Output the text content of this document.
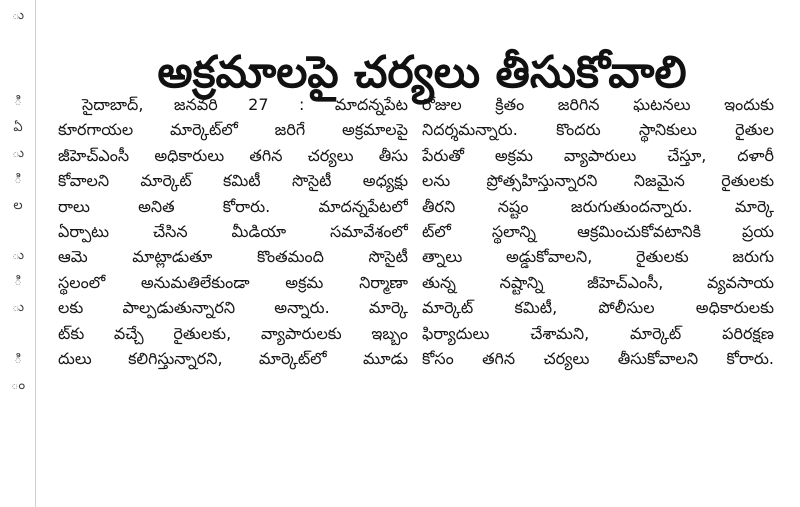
ు
ి
ఏ
ు
ి
ల
ు
ి
ు
ి
ం
అక్రమాలపై చర్యలు తీసుకోవాలి
సైదాబాద్, జనవరి 27 : మాదన్నపేట
కూరగాయల మార్కెట్‌లో జరిగే అక్రమాలపై
జీహెచ్‌ఎంసీ అధికారులు తగిన చర్యలు తీసు
కోవాలని మార్కెట్ కమిటీ సొసైటీ అధ్యక్షు
రాలు అనిత కోరారు. మాదన్నపేటలో
ఏర్పాటు చేసిన మీడియా సమావేశంలో
ఆమె మాట్లాడుతూ కొంతమంది సొసైటీ
స్థలంలో అనుమతిలేకుండా అక్రమ నిర్మాణా
లకు పాల్పడుతున్నారని అన్నారు. మార్కె
ట్‌కు వచ్చే రైతులకు, వ్యాపారులకు ఇబ్బం
దులు కలిగిస్తున్నారని, మార్కెట్‌లో మూడు
రోజుల క్రితం జరిగిన ఘటనలు ఇందుకు
నిదర్శమన్నారు. కొందరు స్థానికులు రైతుల
పేరుతో అక్రమ వ్యాపారులు చేస్తూ, దళారీ
లను ప్రోత్సహిస్తున్నారని నిజమైన రైతులకు
తీరని నష్టం జరుగుతుందన్నారు. మార్కె
ట్‌లో స్థలాన్ని ఆక్రమించుకోవటానికి ప్రయ
త్నాలు అడ్డుకోవాలని, రైతులకు జరుగు
తున్న నష్టాన్ని జీహెచ్‌ఎంసీ, వ్యవసాయ
మార్కెట్ కమిటీ, పోలీసుల అధికారులకు
ఫిర్యాదులు చేశామని, మార్కెట్ పరిరక్షణ
కోసం తగిన చర్యలు తీసుకోవాలని కోరారు.
